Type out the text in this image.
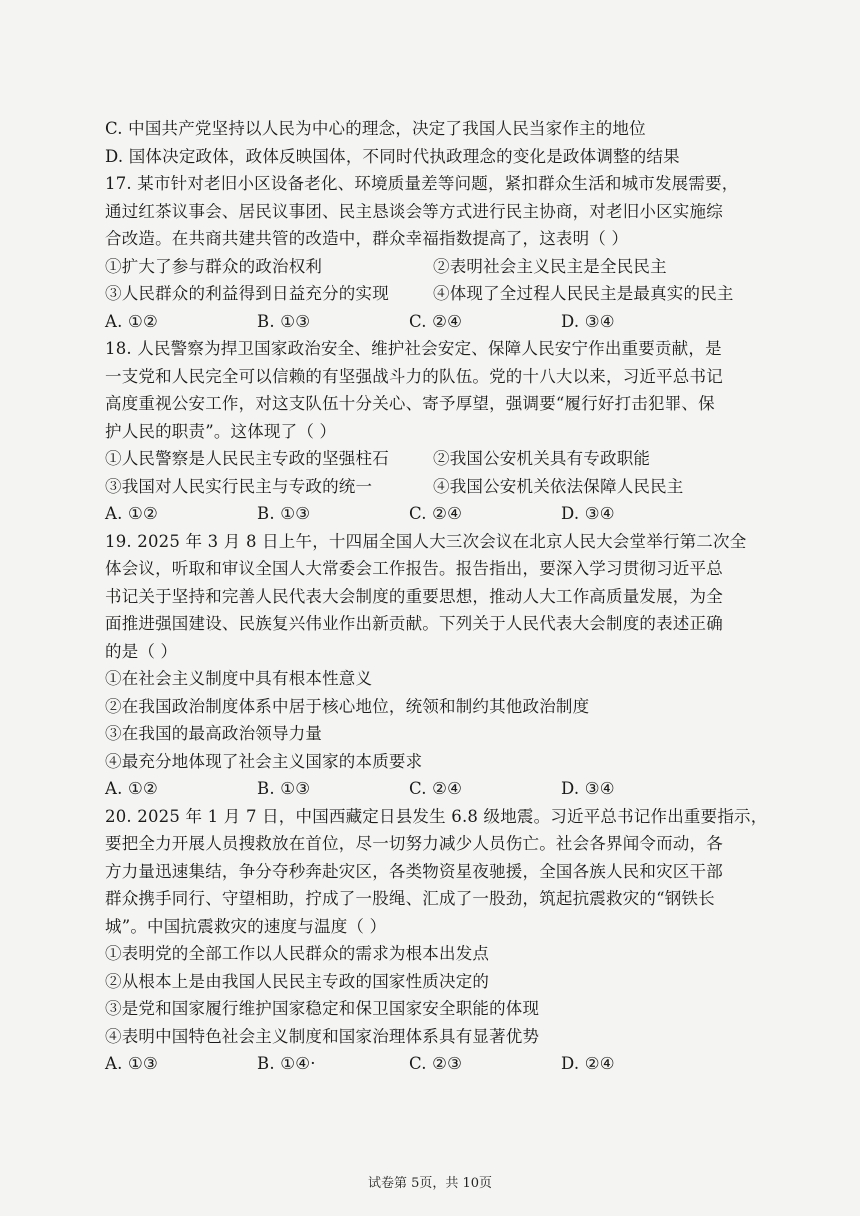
C. 中国共产党坚持以人民为中心的理念，决定了我国人民当家作主的地位
D. 国体决定政体，政体反映国体，不同时代执政理念的变化是政体调整的结果
17. 某市针对老旧小区设备老化、环境质量差等问题，紧扣群众生活和城市发展需要，
通过红茶议事会、居民议事团、民主恳谈会等方式进行民主协商，对老旧小区实施综
合改造。在共商共建共管的改造中，群众幸福指数提高了，这表明（ ）
①扩大了参与群众的政治权利	②表明社会主义民主是全民民主
③人民群众的利益得到日益充分的实现	④体现了全过程人民民主是最真实的民主
A. ①②	B. ①③	C. ②④	D. ③④
18. 人民警察为捍卫国家政治安全、维护社会安定、保障人民安宁作出重要贡献，是
一支党和人民完全可以信赖的有坚强战斗力的队伍。党的十八大以来，习近平总书记
高度重视公安工作，对这支队伍十分关心、寄予厚望，强调要“履行好打击犯罪、保
护人民的职责”。这体现了（ ）
①人民警察是人民民主专政的坚强柱石	②我国公安机关具有专政职能
③我国对人民实行民主与专政的统一	④我国公安机关依法保障人民民主
A. ①②	B. ①③	C. ②④	D. ③④
19. 2025 年 3 月 8 日上午，十四届全国人大三次会议在北京人民大会堂举行第二次全
体会议，听取和审议全国人大常委会工作报告。报告指出，要深入学习贯彻习近平总
书记关于坚持和完善人民代表大会制度的重要思想，推动人大工作高质量发展，为全
面推进强国建设、民族复兴伟业作出新贡献。下列关于人民代表大会制度的表述正确
的是（ ）
①在社会主义制度中具有根本性意义
②在我国政治制度体系中居于核心地位，统领和制约其他政治制度
③在我国的最高政治领导力量
④最充分地体现了社会主义国家的本质要求
A. ①②	B. ①③	C. ②④	D. ③④
20. 2025 年 1 月 7 日，中国西藏定日县发生 6.8 级地震。习近平总书记作出重要指示，
要把全力开展人员搜救放在首位，尽一切努力减少人员伤亡。社会各界闻令而动，各
方力量迅速集结，争分夺秒奔赴灾区，各类物资星夜驰援，全国各族人民和灾区干部
群众携手同行、守望相助，拧成了一股绳、汇成了一股劲，筑起抗震救灾的“钢铁长
城”。中国抗震救灾的速度与温度（ ）
①表明党的全部工作以人民群众的需求为根本出发点
②从根本上是由我国人民民主专政的国家性质决定的
③是党和国家履行维护国家稳定和保卫国家安全职能的体现
④表明中国特色社会主义制度和国家治理体系具有显著优势
A. ①③	B. ①④·	C. ②③	D. ②④
试卷第 5页，共 10页
